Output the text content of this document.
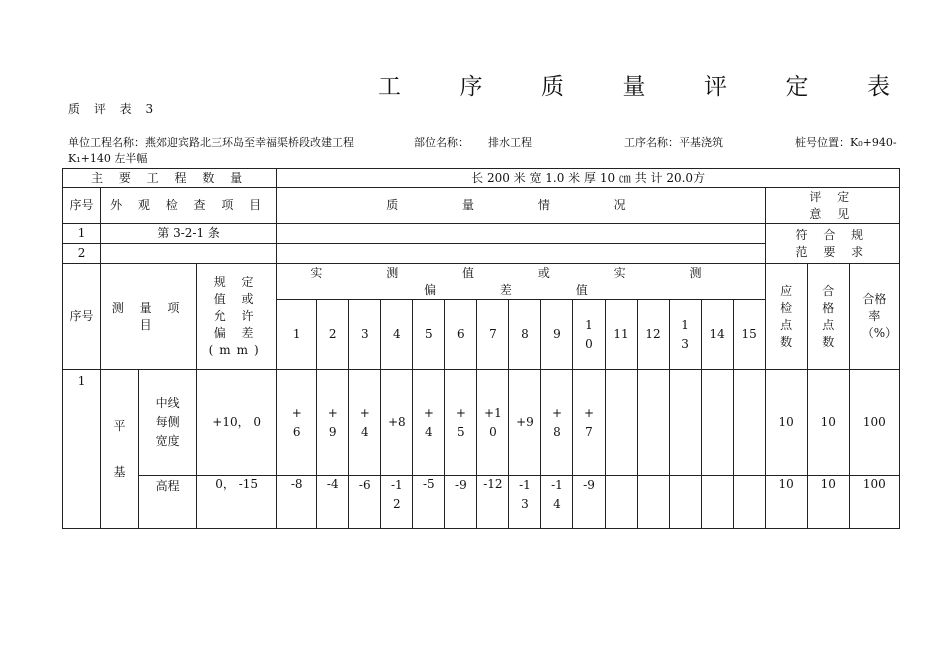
工	序	质	量	评	定	表
质 评 表 3
单位工程名称：燕郊迎宾路北三环岛至幸福渠桥段改建工程	部位名称： 排水工程	工序名称：平基浇筑	桩号位置：K₀+940-
K₁+140 左半幅
主 要 工 程 数 量				长 200 米 宽 1.0 米 厚 10 ㎝ 共 计 20.0方																	
序号	外 观 检 查 项 目			质 量 情 况															评 定 意 见		
1	第 3-2-1 条																		符 合 规 范 要 求		
2																					
序号	测 量 项 目		规 定 值 或 允 许 偏 差 (mm)	实 测 值 或 实 测 偏 差 值															应检点数	合格点数	合格率（%）
				1	2	3	4	5	6	7	8	9	10	11	12	13	14	15			
1	平 基	中线每侧宽度	+10， 0	+6	+9	+4	+8	+4	+5	+10	+9	+8	+7						10	10	100
		高程	0， -15	-8	-4	-6	-12	-5	-9	-12	-13	-14	-9						10	10	100
